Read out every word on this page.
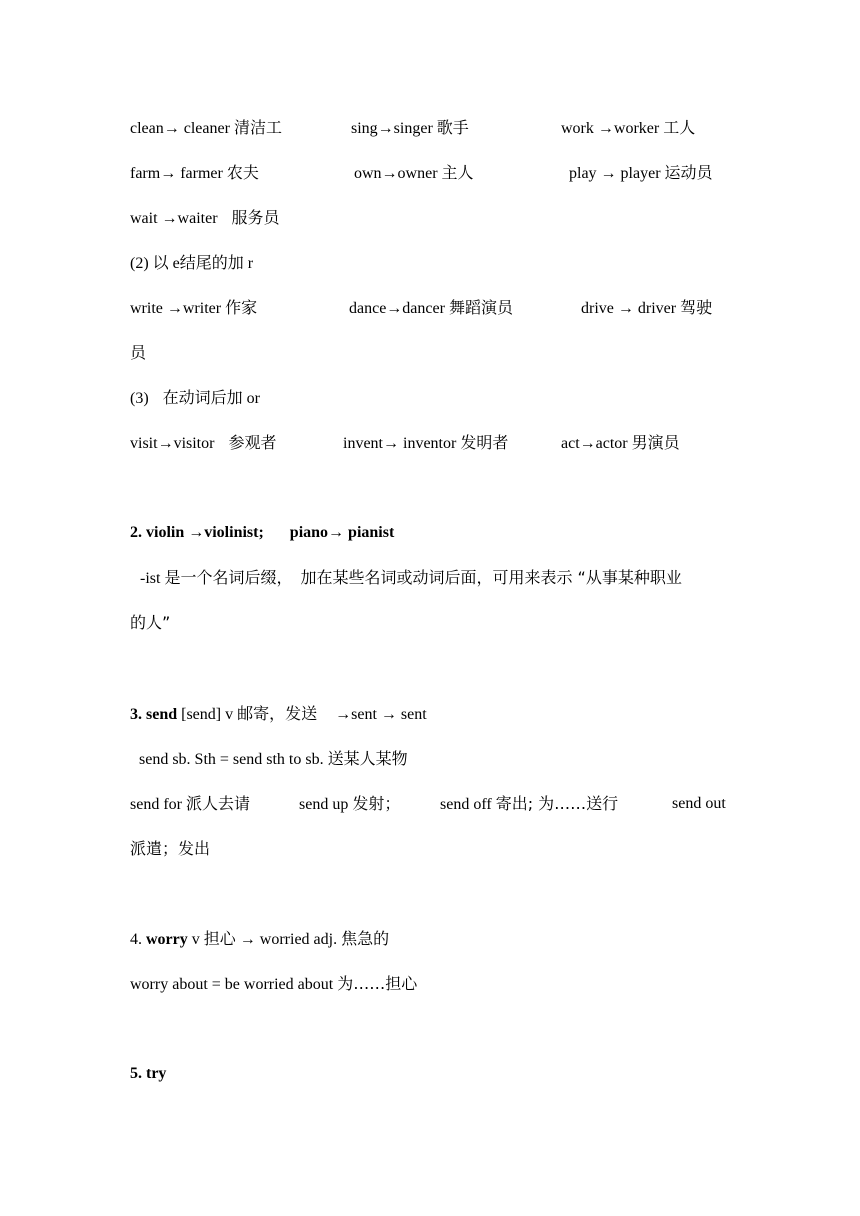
clean→ cleaner 清洁工	sing→singer 歌手	work →worker 工人
farm→ farmer 农夫	own→owner 主人	play → player 运动员
wait →waiter 服务员
(2) 以 e结尾的加 r
write →writer 作家	dance→dancer 舞蹈演员	drive → driver 驾驶
员
(3) 在动词后加 or
visit→visitor 参观者	invent→ inventor 发明者	act→actor 男演员
2. violin →violinist; piano→ pianist
-ist 是一个名词后缀， 加在某些名词或动词后面，可用来表示 “从事某种职业
的人”
3. send [send] v 邮寄，发送 →sent → sent
send sb. Sth = send sth to sb. 送某人某物
send for 派人去请	send up 发射； send off 寄出; 为……送行	send out
派遣；发出
4. worry v 担心 → worried adj. 焦急的
worry about = be worried about 为……担心
5. try
